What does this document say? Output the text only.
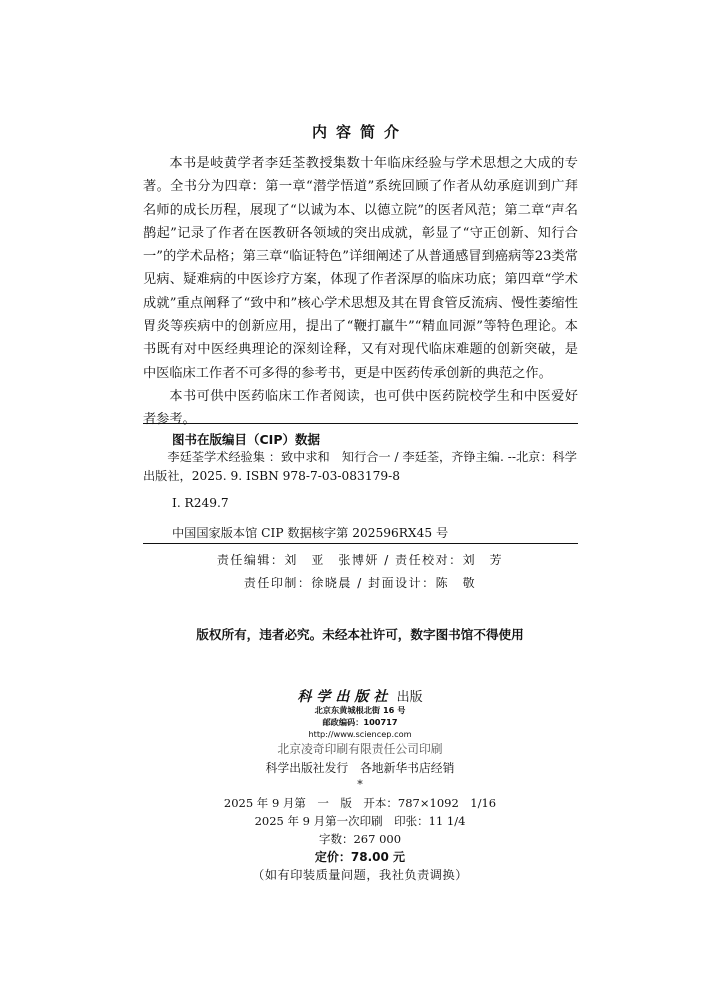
内容简介

本书是岐黄学者李廷荃教授集数十年临床经验与学术思想之大成的专著。全书分为四章：第一章“潜学悟道”系统回顾了作者从幼承庭训到广拜名师的成长历程，展现了“以诚为本、以德立院”的医者风范；第二章“声名鹊起”记录了作者在医教研各领域的突出成就，彰显了“守正创新、知行合一”的学术品格；第三章“临证特色”详细阐述了从普通感冒到癌病等23类常见病、疑难病的中医诊疗方案，体现了作者深厚的临床功底；第四章“学术成就”重点阐释了“致中和”核心学术思想及其在胃食管反流病、慢性萎缩性胃炎等疾病中的创新应用，提出了“鞭打羸牛”“精血同源”等特色理论。本书既有对中医经典理论的深刻诠释，又有对现代临床难题的创新突破，是中医临床工作者不可多得的参考书，更是中医药传承创新的典范之作。

本书可供中医药临床工作者阅读，也可供中医药院校学生和中医爱好者参考。

图书在版编目（CIP）数据

李廷荃学术经验集 ：致中求和　知行合一 / 李廷荃，齐铮主编. --北京：科学出版社，2025. 9. ISBN 978-7-03-083179-8

Ⅰ. R249.7
中国国家版本馆 CIP 数据核字第 202596RX45 号
责任编辑：刘　亚　张博妍 / 责任校对：刘　芳
责任印制：徐晓晨 / 封面设计：陈　敬
版权所有，违者必究。未经本社许可，数字图书馆不得使用
科学出版社 出版
北京东黄城根北街 16 号
邮政编码：100717
http://www.sciencep.com
北京凌奇印刷有限责任公司印刷
科学出版社发行　各地新华书店经销
*
2025 年 9 月第　一　版　开本：787×1092　1/16
2025 年 9 月第一次印刷　印张：11 1/4
字数：267 000
定价：78.00 元
（如有印装质量问题，我社负责调换）
